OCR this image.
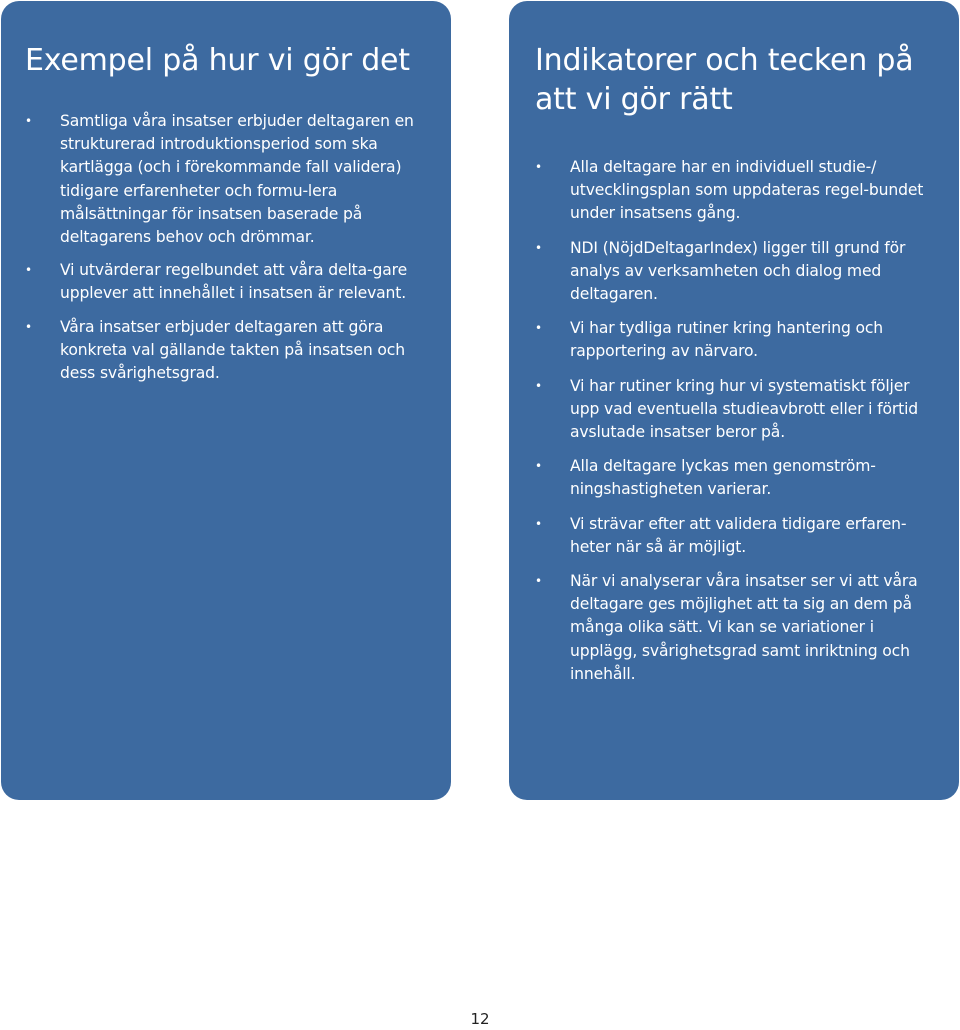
Exempel på hur vi gör det
• Samtliga våra insatser erbjuder deltagaren en strukturerad introduktionsperiod som ska kartlägga (och i förekommande fall validera) tidigare erfarenheter och formu-lera målsättningar för insatsen baserade på deltagarens behov och drömmar.
• Vi utvärderar regelbundet att våra delta-gare upplever att innehållet i insatsen är relevant.
• Våra insatser erbjuder deltagaren att göra konkreta val gällande takten på insatsen och dess svårighetsgrad.
Indikatorer och tecken på att vi gör rätt
• Alla deltagare har en individuell studie-/ utvecklingsplan som uppdateras regel-bundet under insatsens gång.
• NDI (NöjdDeltagarIndex) ligger till grund för analys av verksamheten och dialog med deltagaren.
• Vi har tydliga rutiner kring hantering och rapportering av närvaro.
• Vi har rutiner kring hur vi systematiskt följer upp vad eventuella studieavbrott eller i förtid avslutade insatser beror på.
• Alla deltagare lyckas men genomström-ningshastigheten varierar.
• Vi strävar efter att validera tidigare erfaren-heter när så är möjligt.
• När vi analyserar våra insatser ser vi att våra deltagare ges möjlighet att ta sig an dem på många olika sätt. Vi kan se variationer i upplägg, svårighetsgrad samt inriktning och innehåll.
12
